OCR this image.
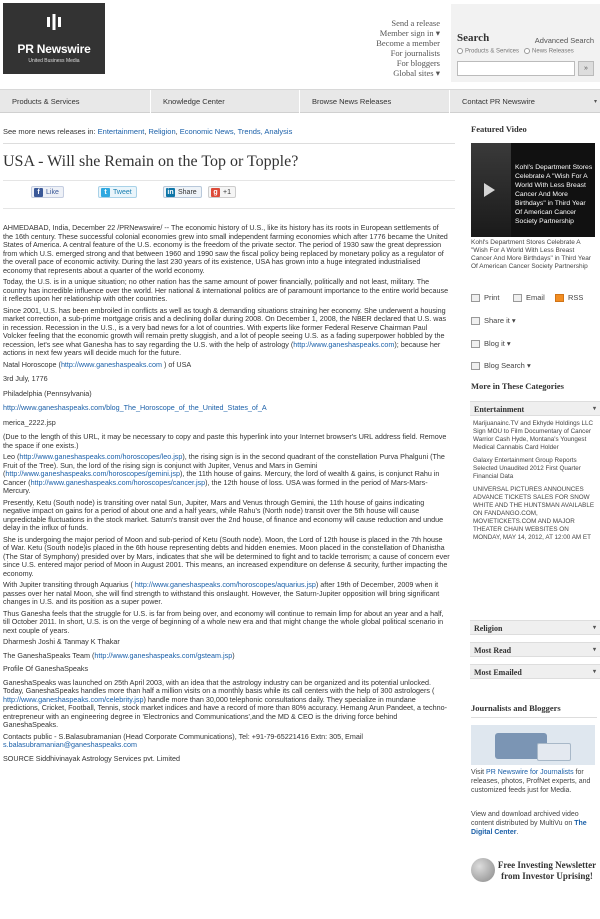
PR Newswire
United Business Media
Send a release
Member sign in ▾
Become a member
For journalists
For bloggers
Global sites ▾
Search	Advanced Search
Products & Services News Releases
»
Products & Services	Knowledge Center	Browse News Releases	Contact PR Newswire	▾
See more news releases in: Entertainment, Religion, Economic News, Trends, Analysis
USA - Will she Remain on the Top or Topple?
f Like	t Tweet	in Share	g +1

AHMEDABAD, India, December 22 /PRNewswire/ -- The economic history of U.S., like its history has its roots in European settlements of the 16th century. These successful colonial economies grew into small independent farming economies which after 1776 became the United States of America. A central feature of the U.S. economy is the freedom of the private sector. The period of 1930 saw the great depression from which U.S. emerged strong and that between 1960 and 1990 saw the fiscal policy being replaced by monetary policy as a regulator of the overall pace of economic activity. During the last 230 years of its existence, USA has grown into a huge integrated industrialised economy that represents about a quarter of the world economy.

Today, the U.S. is in a unique situation; no other nation has the same amount of power financially, politically and not least, military. The country has incredible influence over the world. Her national & international politics are of paramount importance to the entire world because it reflects upon her relationship with other countries.

Since 2001, U.S. has been embroiled in conflicts as well as tough & demanding situations straining her economy. She underwent a housing market correction, a sub-prime mortgage crisis and a declining dollar during 2008. On December 1, 2008, the NBER declared that U.S. was in recession. Recession in the U.S., is a very bad news for a lot of countries. With experts like former Federal Reserve Chairman Paul Volcker feeling that the economic growth will remain pretty sluggish, and a lot of people seeing U.S. as a fading superpower hobbled by the recession, let's see what Ganesha has to say regarding the U.S. with the help of astrology (http://www.ganeshaspeaks.com); because her actions in next few years will decide much for the future.

Natal Horoscope (http://www.ganeshaspeaks.com ) of USA

3rd July, 1776

Philadelphia (Pennsylvania)

http://www.ganeshaspeaks.com/blog_The_Horoscope_of_the_United_States_of_A

merica_2222.jsp

(Due to the length of this URL, it may be necessary to copy and paste this hyperlink into your Internet browser's URL address field. Remove the space if one exists.)

Leo (http://www.ganeshaspeaks.com/horoscopes/leo.jsp), the rising sign is in the second quadrant of the constellation Purva Phalguni (The Fruit of the Tree). Sun, the lord of the rising sign is conjunct with Jupiter, Venus and Mars in Gemini (http://www.ganeshaspeaks.com/horoscopes/gemini.jsp), the 11th house of gains. Mercury, the lord of wealth & gains, is conjunct Rahu in Cancer (http://www.ganeshaspeaks.com/horoscopes/cancer.jsp), the 12th house of loss. USA was formed in the period of Mars-Mars-Mercury.

Presently, Ketu (South node) is transiting over natal Sun, Jupiter, Mars and Venus through Gemini, the 11th house of gains indicating negative impact on gains for a period of about one and a half years, while Rahu's (North node) transit over the 5th house will cause unpredictable fluctuations in the stock market. Saturn's transit over the 2nd house, of finance and economy will cause reduction and undue delay in the influx of funds.

She is undergoing the major period of Moon and sub-period of Ketu (South node). Moon, the Lord of 12th house is placed in the 7th house of War. Ketu (South node)is placed in the 6th house representing debts and hidden enemies. Moon placed in the constellation of Dhanistha (The Star of Symphony) presided over by Mars, indicates that she will be determined to fight and to tackle terrorism; a cause of concern ever since U.S. entered major period of Moon in August 2001. This means, an increased expenditure on defense & security, further impacting the economy.

With Jupiter transiting through Aquarius ( http://www.ganeshaspeaks.com/horoscopes/aquarius.jsp) after 19th of December, 2009 when it passes over her natal Moon, she will find strength to withstand this onslaught. However, the Saturn-Jupiter opposition will bring significant changes in U.S. and its position as a super power.

Thus Ganesha feels that the struggle for U.S. is far from being over, and economy will continue to remain limp for about an year and a half, till October 2011. In short, U.S. is on the verge of beginning of a whole new era and that might change the whole global political scenario in next couple of years.

Dharmesh Joshi & Tanmay K Thakar

The GaneshaSpeaks Team (http://www.ganeshaspeaks.com/gsteam.jsp)

Profile Of GaneshaSpeaks

GaneshaSpeaks was launched on 25th April 2003, with an idea that the astrology industry can be organized and its potential unlocked. Today, GaneshaSpeaks handles more than half a million visits on a monthly basis while its call centers with the help of 300 astrologers ( http://www.ganeshaspeaks.com/celebrity.jsp) handle more than 30,000 telephonic consultations daily. They specialize in mundane predictions, Cricket, Football, Tennis, stock market indices and have a record of more than 80% accuracy. Hemang Arun Pandeet, a techno-entrepreneur with an engineering degree in 'Electronics and Communications',and the MD & CEO is the driving force behind GaneshaSpeaks.

Contacts public - S.Balasubramanian (Head Corporate Communications), Tel: +91-79-65221416 Extn: 305, Email

s.balasubramanian@ganeshaspeaks.com

SOURCE Siddhivinayak Astrology Services pvt. Limited

Featured Video
Kohl's Department Stores Celebrate A "Wish For A World With Less Breast Cancer And More Birthdays" in Third Year Of American Cancer Society Partnership
Kohl's Department Stores Celebrate A "Wish For A World With Less Breast Cancer And More Birthdays" in Third Year Of American Cancer Society Partnership
Print	Email	RSS
Share it ▾
Blog it ▾
Blog Search ▾
More in These Categories
Entertainment	▾
Marijuanainc.TV and Ekhyde Holdings LLC Sign MOU to Film Documentary of Cancer Warrior Cash Hyde, Montana's Youngest Medical Cannabis Card Holder
Galaxy Entertainment Group Reports Selected Unaudited 2012 First Quarter Financial Data
UNIVERSAL PICTURES ANNOUNCES ADVANCE TICKETS SALES FOR SNOW WHITE AND THE HUNTSMAN AVAILABLE ON FANDANGO.COM, MOVIETICKETS.COM AND MAJOR THEATER CHAIN WEBSITES ON MONDAY, MAY 14, 2012, AT 12:00 AM ET
Religion	▾
Most Read	▾
Most Emailed	▾
Journalists and Bloggers
Visit PR Newswire for Journalists for releases, photos, ProfNet experts, and customized feeds just for Media.
View and download archived video content distributed by MultiVu on The Digital Center.
Free Investing Newsletter from Investor Uprising!
